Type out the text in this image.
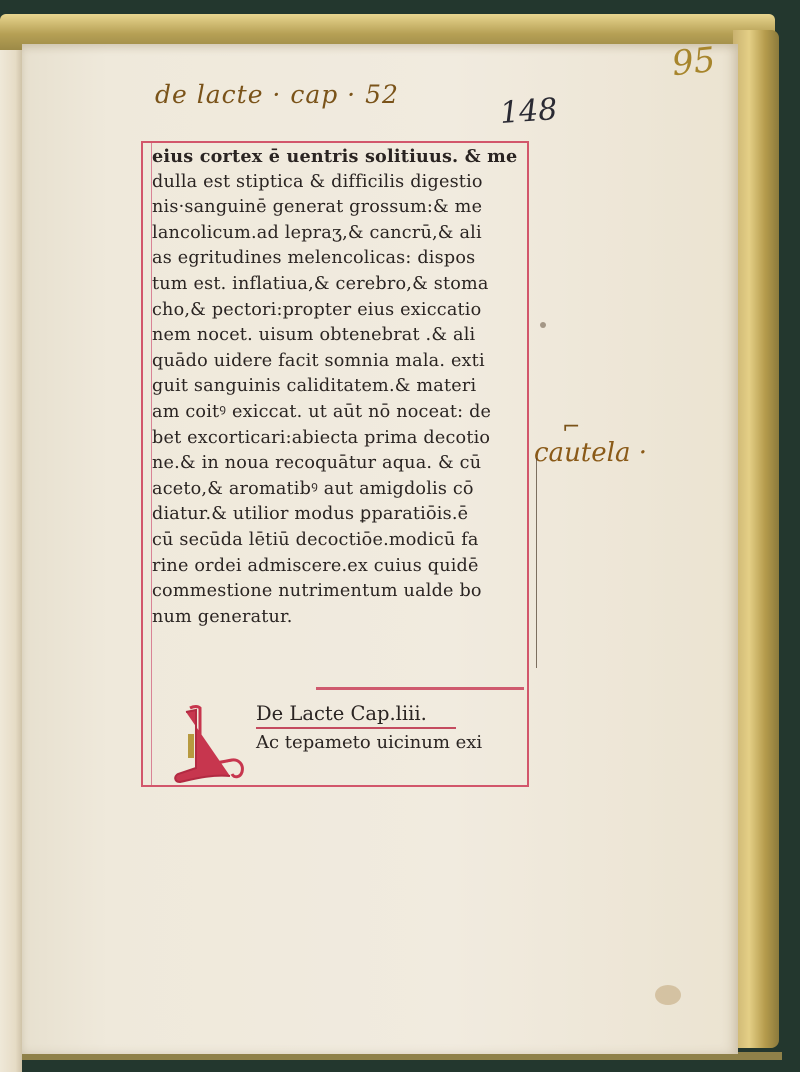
95
de lacte · cap · 52	148
eius cortex ē uentris solitiuus. & me
dulla est stiptica & difficilis digestio
nis·sanguinē generat grossum:& me
lancolicum.ad lepraʒ,& cancrū,& ali
as egritudines melencolicas: dispos
tum est. inflatiua,& cerebro,& stoma
cho,& pectori:propter eius exiccatio
nem nocet. uisum obtenebrat .& ali
quādo uidere facit somnia mala. exti
guit sanguinis caliditatem.& materi
am coitꝰ exiccat. ut aūt nō noceat: de
bet excorticari:abiecta prima decotio
ne.& in noua recoquātur aqua. & cū
aceto,& aromatibꝰ aut amigdolis cō
diatur.& utilior modus ꝑparatiōis.ē
cū secūda lētiū decoctiōe.modicū fa
rine ordei admiscere.ex cuius quidē
commestione nutrimentum ualde bo
num generatur.
L	De Lacte Cap.liii.
Ac tepameto uicinum exi
⌐
cautela ·
